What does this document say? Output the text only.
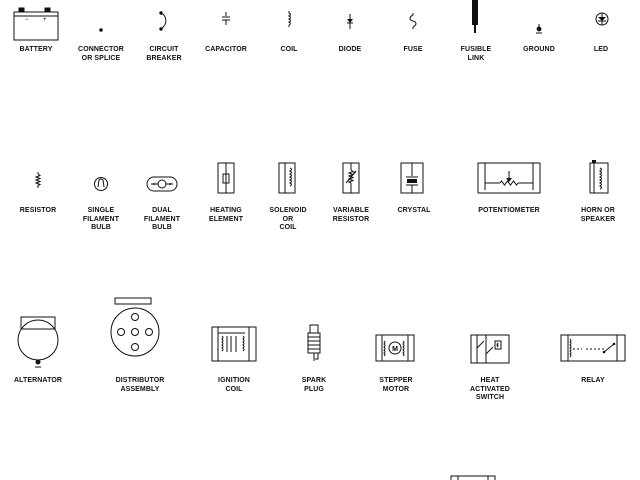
− +
M
BATTERY	CONNECTOR
OR SPLICE
CIRCUIT
BREAKER
CAPACITOR	COIL	DIODE	FUSE	FUSIBLE
LINK
GROUND	LED
RESISTOR	SINGLE
FILAMENT
BULB
DUAL
FILAMENT
BULB
HEATING
ELEMENT
SOLENOID
OR
COIL
VARIABLE
RESISTOR
CRYSTAL	POTENTIOMETER	HORN OR
SPEAKER
ALTERNATOR	DISTRIBUTOR
ASSEMBLY
IGNITION
COIL
SPARK
PLUG
STEPPER
MOTOR
HEAT
ACTIVATED
SWITCH
RELAY
